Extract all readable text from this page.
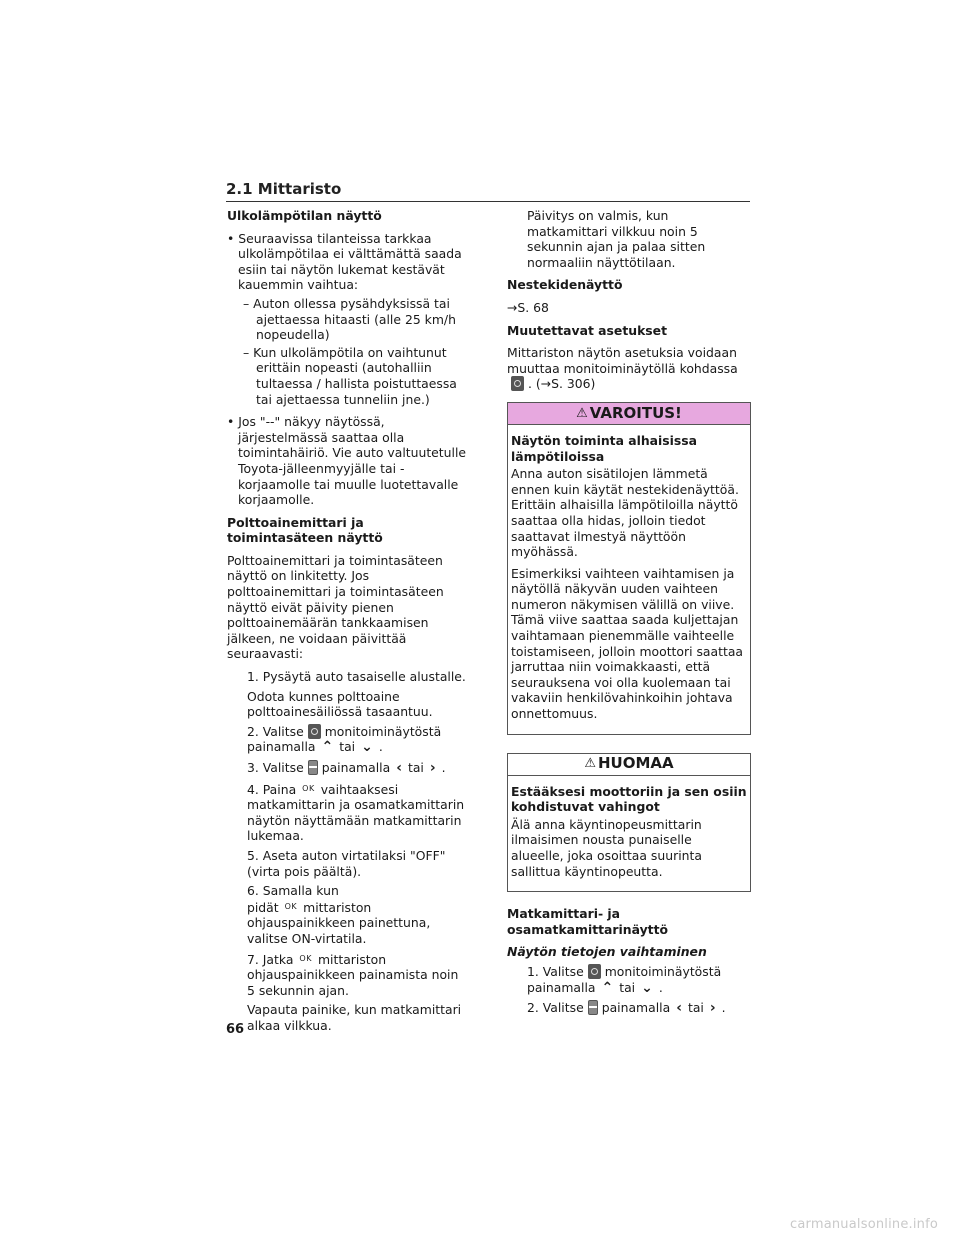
2.1 Mittaristo
Ulkolämpötilan näyttö
• Seuraavissa tilanteissa tarkkaa ulkolämpötilaa ei välttämättä saada esiin tai näytön lukemat kestävät kauemmin vaihtua:
– Auton ollessa pysähdyksissä tai ajettaessa hitaasti (alle 25 km/h nopeudella)
– Kun ulkolämpötila on vaihtunut erittäin nopeasti (autohalliin tultaessa / hallista poistuttaessa tai ajettaessa tunneliin jne.)
• Jos "--" näkyy näytössä, järjestelmässä saattaa olla toimintahäiriö. Vie auto valtuutetulle Toyota-jälleenmyyjälle tai -korjaamolle tai muulle luotettavalle korjaamolle.
Polttoainemittari ja toimintasäteen näyttö
Polttoainemittari ja toimintasäteen näyttö on linkitetty. Jos polttoainemittari ja toimintasäteen näyttö eivät päivity pienen polttoainemäärän tankkaamisen jälkeen, ne voidaan päivittää seuraavasti:
1. Pysäytä auto tasaiselle alustalle.
Odota kunnes polttoaine polttoainesäiliössä tasaantuu.
2. Valitse monitoiminäytöstä painamalla ⌃ tai ⌄ .
3. Valitse painamalla ‹ tai › .
4. Paina $^{OK}$ vaihtaaksesi matkamittarin ja osamatkamittarin näytön näyttämään matkamittarin lukemaa.
5. Aseta auton virtatilaksi "OFF" (virta pois päältä).
6. Samalla kun pidät $^{OK}$ mittariston ohjauspainikkeen painettuna, valitse ON-virtatila.
7. Jatka $^{OK}$ mittariston ohjauspainikkeen painamista noin 5 sekunnin ajan.
Vapauta painike, kun matkamittari alkaa vilkkua.
Päivitys on valmis, kun matkamittari vilkkuu noin 5 sekunnin ajan ja palaa sitten normaaliin näyttötilaan.
Nestekidenäyttö
→S. 68
Muutettavat asetukset
Mittariston näytön asetuksia voidaan muuttaa monitoiminäytöllä kohdassa. (→S. 306)
⚠ VAROITUS!
Näytön toiminta alhaisissa lämpötiloissa
Anna auton sisätilojen lämmetä ennen kuin käytät nestekidenäyttöä. Erittäin alhaisilla lämpötiloilla näyttö saattaa olla hidas, jolloin tiedot saattavat ilmestyä näyttöön myöhässä.
Esimerkiksi vaihteen vaihtamisen ja näytöllä näkyvän uuden vaihteen numeron näkymisen välillä on viive. Tämä viive saattaa saada kuljettajan vaihtamaan pienemmälle vaihteelle toistamiseen, jolloin moottori saattaa jarruttaa niin voimakkaasti, että seurauksena voi olla kuolemaan tai vakaviin henkilövahinkoihin johtava onnettomuus.
⚠ HUOMAA
Estääksesi moottoriin ja sen osiin kohdistuvat vahingot
Älä anna käyntinopeusmittarin ilmaisimen nousta punaiselle alueelle, joka osoittaa suurinta sallittua käyntinopeutta.
Matkamittari- ja osamatkamittarinäyttö
Näytön tietojen vaihtaminen
1. Valitse monitoiminäytöstä painamalla ⌃ tai ⌄ .
2. Valitse painamalla ‹ tai › .
66
carmanualsonline.info
